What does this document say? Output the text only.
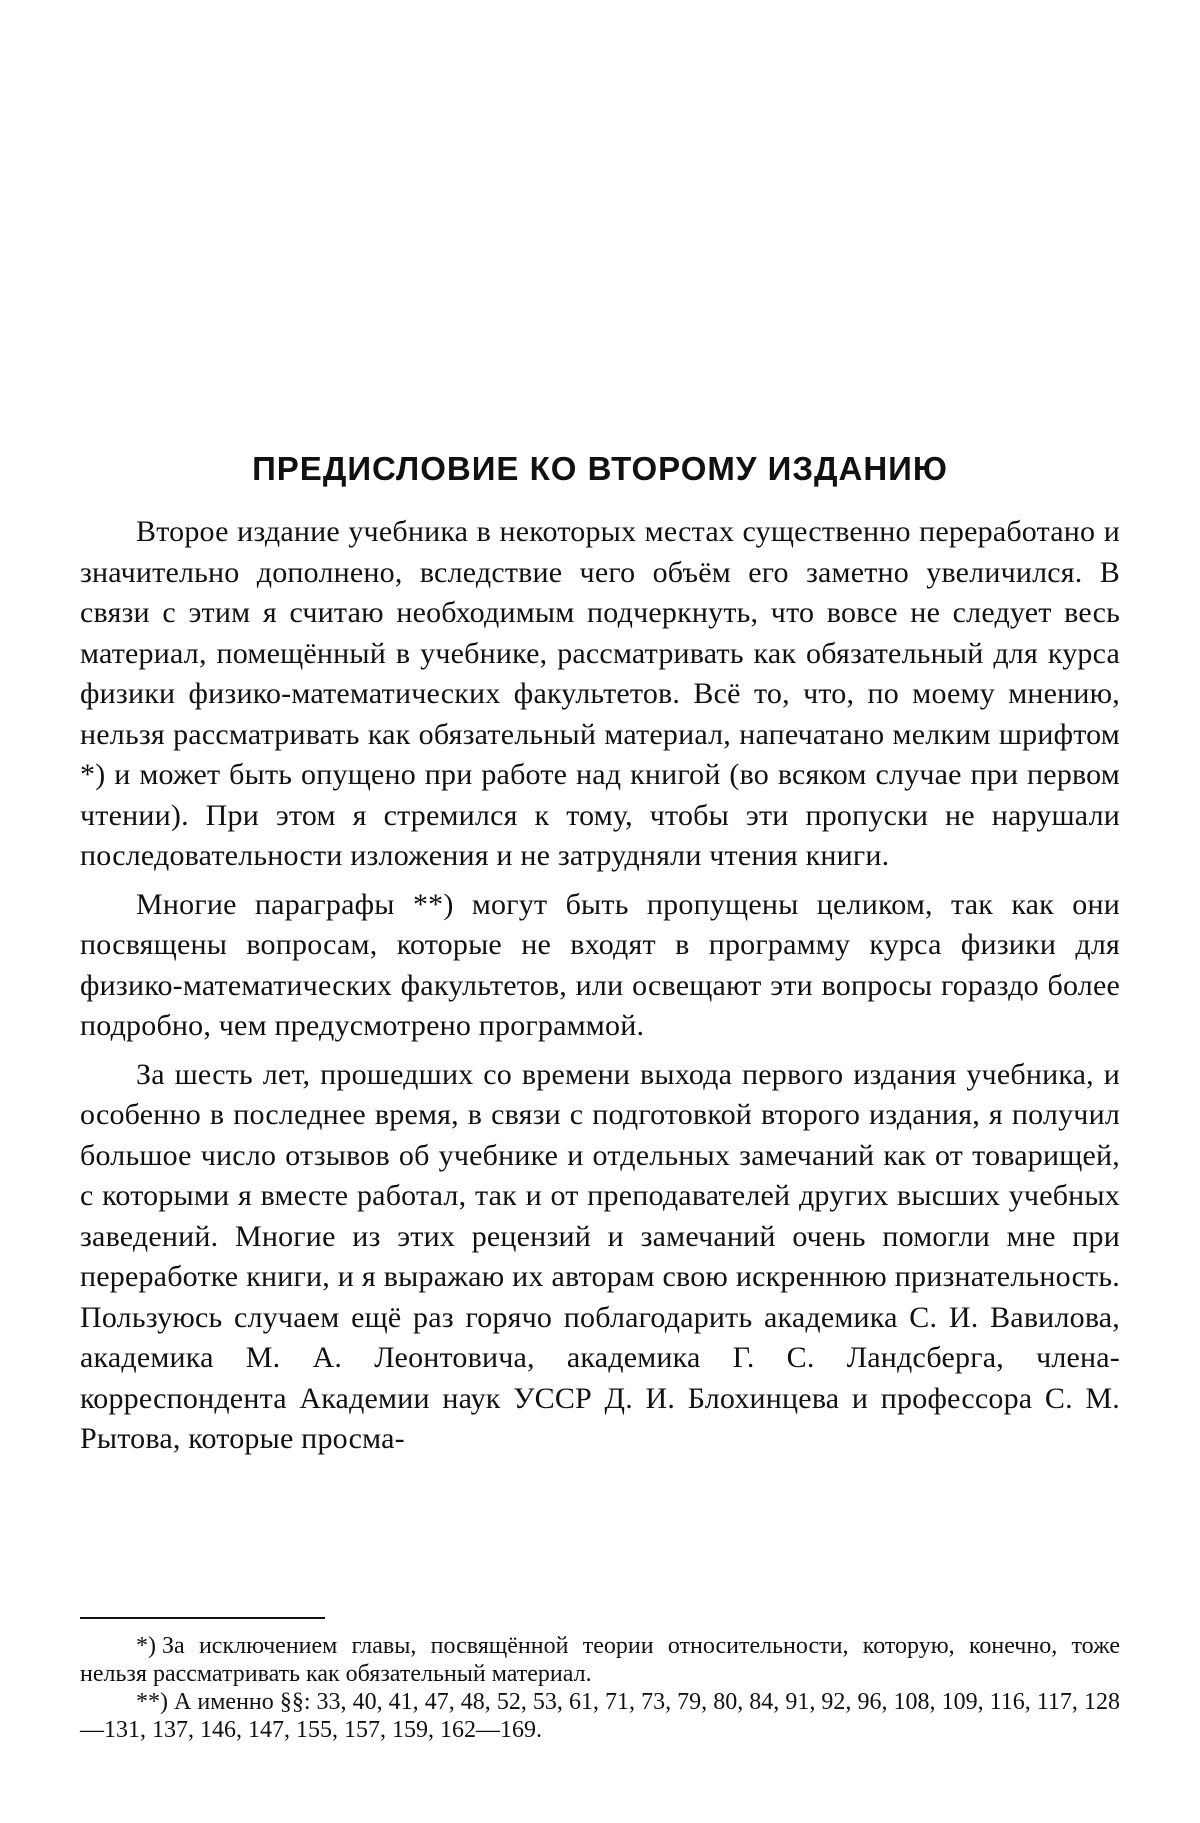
ПРЕДИСЛОВИЕ КО ВТОРОМУ ИЗДАНИЮ

Второе издание учебника в некоторых местах существенно переработано и значительно дополнено, вследствие чего объём его заметно увеличился. В связи с этим я считаю необходимым подчеркнуть, что вовсе не следует весь материал, помещённый в учебнике, рассматривать как обязательный для курса физики физико-математических факультетов. Всё то, что, по моему мнению, нельзя рассматривать как обязательный материал, напечатано мелким шрифтом *) и может быть опущено при работе над книгой (во всяком случае при первом чтении). При этом я стремился к тому, чтобы эти пропуски не нарушали последовательности изложения и не затрудняли чтения книги.

Многие параграфы **) могут быть пропущены целиком, так как они посвящены вопросам, которые не входят в программу курса физики для физико-математических факультетов, или освещают эти вопросы гораздо более подробно, чем предусмотрено программой.

За шесть лет, прошедших со времени выхода первого издания учебника, и особенно в последнее время, в связи с подготовкой второго издания, я получил большое число отзывов об учебнике и отдельных замечаний как от товарищей, с которыми я вместе работал, так и от преподавателей других высших учебных заведений. Многие из этих рецензий и замечаний очень помогли мне при переработке книги, и я выражаю их авторам свою искреннюю признательность. Пользуюсь случаем ещё раз горячо поблагодарить академика С. И. Вавилова, академика М. А. Леонтовича, академика Г. С. Ландсберга, члена-корреспондента Академии наук УССР Д. И. Блохинцева и профессора С. М. Рытова, которые просма-

*) За исключением главы, посвящённой теории относительности, которую, конечно, тоже нельзя рассматривать как обязательный материал.

**) А именно §§: 33, 40, 41, 47, 48, 52, 53, 61, 71, 73, 79, 80, 84, 91, 92, 96, 108, 109, 116, 117, 128—131, 137, 146, 147, 155, 157, 159, 162—169.
